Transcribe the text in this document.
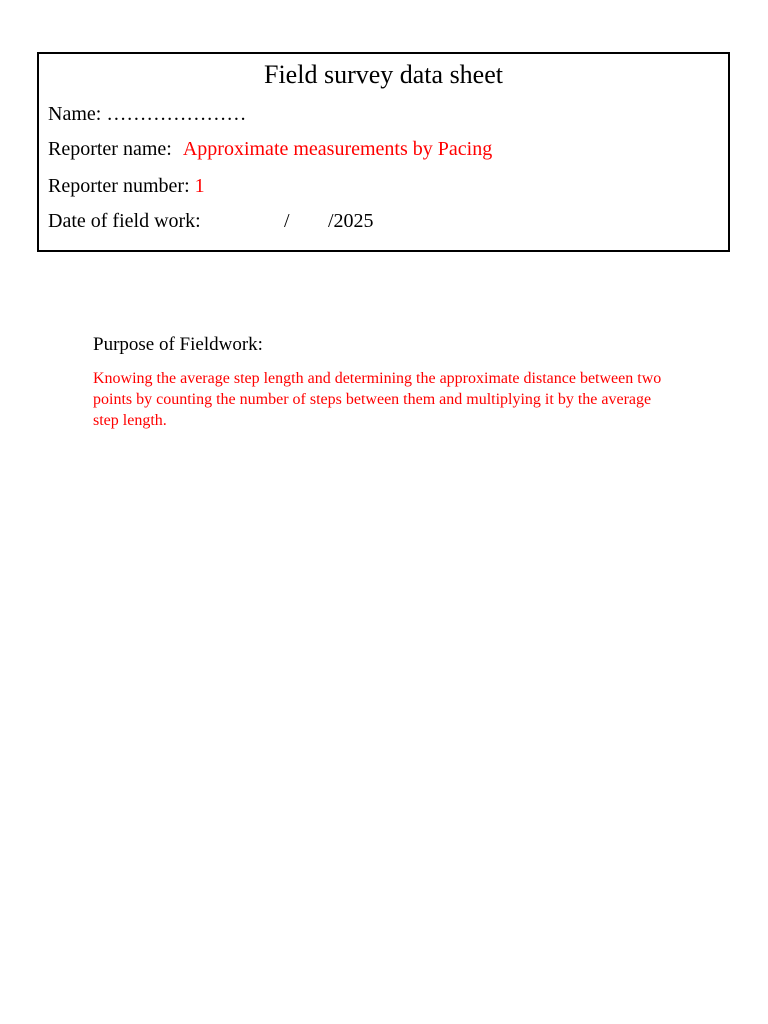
Field survey data sheet
Name: …………………
Reporter name: Approximate measurements by Pacing
Reporter number: 1
Date of field work:	/ /2025
Purpose of Fieldwork:
Knowing the average step length and determining the approximate distance between two points by counting the number of steps between them and multiplying it by the average step length.
